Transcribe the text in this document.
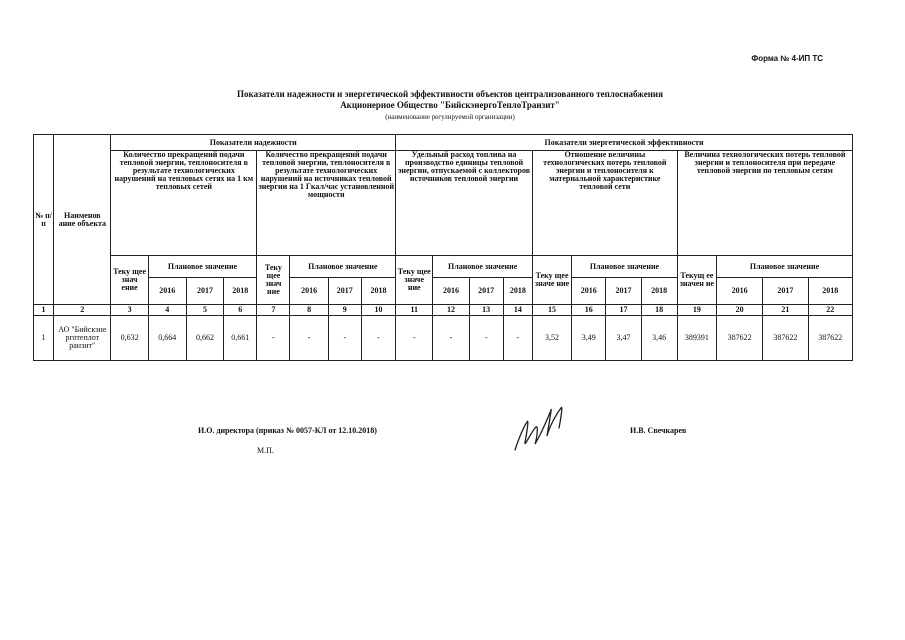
Форма № 4-ИП ТС
Показатели надежности и энергетической эффективности объектов централизованного теплоснабжения
Акционерное Общество "БийскэнергоТеплоТранзит"
(наименование регулируемой организации)
№ п/п	Наименов ание объекта	Показатели надежности								Показатели энергетической эффективности											
		Количество прекращений подачи тепловой энергии, теплоносителя в результате технологических нарушений на тепловых сетях на 1 км тепловых сетей				Количество прекращений подачи тепловой энергии, теплоносителя в результате технологических нарушений на источниках тепловой энергии на 1 Гкал/час установленной мощности				Удельный расход топлива на производство единицы тепловой энергии, отпускаемой с коллекторов источников тепловой энергии				Отношение величины технологических потерь тепловой энергии и теплоносителя к материальной характеристике тепловой сети				Величина технологических потерь тепловой энергии и теплоносителя при передаче тепловой энергии по тепловым сетям			
		Теку щее знач ение	Плановое значение			Теку щее знач ние	Плановое значение			Теку щее значе ние	Плановое значение			Теку щее значе ние	Плановое значение			Текущ ее значен ие	Плановое значение		
			2016	2017	2018		2016	2017	2018		2016	2017	2018		2016	2017	2018		2016	2017	2018
1	2	3	4	5	6	7	8	9	10	11	12	13	14	15	16	17	18	19	20	21	22
1	АО "Бийскэне рготеплот ранзит"	0,632	0,664	0,662	0,661	-	-	-	-	-	-	-	-	3,52	3,49	3,47	3,46	389391	387622	387622	387622
И.О. директора (приказ № 0057-КЛ от 12.10.2018)	И.В. Свечкарев
М.П.
